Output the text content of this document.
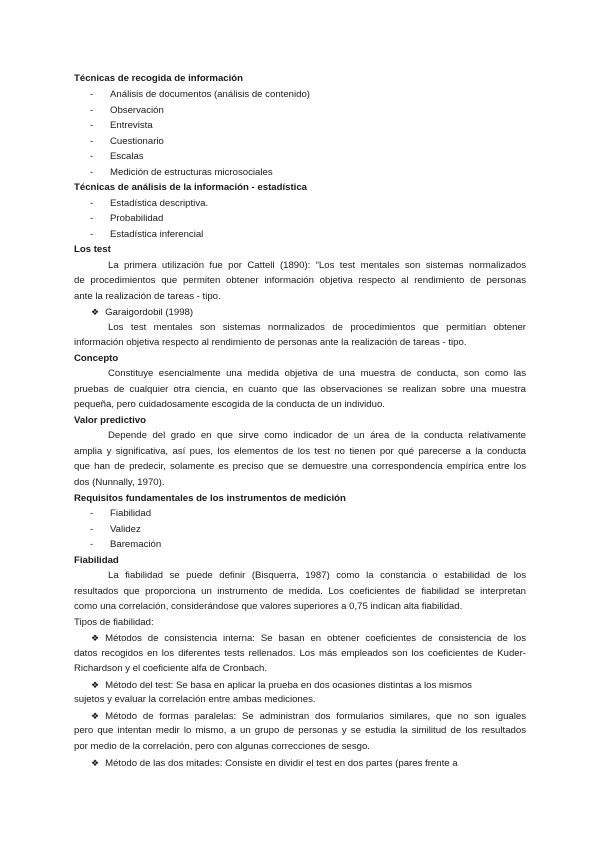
Técnicas de recogida de información
-	Análisis de documentos (análisis de contenido)
-	Observación
-	Entrevista
-	Cuestionario
-	Escalas
-	Medición de estructuras microsociales
Técnicas de análisis de la información - estadística
-	Estadística descriptiva.
-	Probabilidad
-	Estadística inferencial
Los test
La primera utilización fue por Cattell (1890): “Los test mentales son sistemas normalizados
de procedimientos que permiten obtener información objetiva respecto al rendimiento de personas
ante la realización de tareas - tipo.
❖ Garaigordobil (1998)
Los test mentales son sistemas normalizados de procedimientos que permitían obtener
información objetiva respecto al rendimiento de personas ante la realización de tareas - tipo.
Concepto
Constituye esencialmente una medida objetiva de una muestra de conducta, son como las
pruebas de cualquier otra ciencia, en cuanto que las observaciones se realizan sobre una muestra
pequeña, pero cuidadosamente escogida de la conducta de un individuo.
Valor predictivo
Depende del grado en que sirve como indicador de un área de la conducta relativamente
amplia y significativa, así pues, los elementos de los test no tienen por qué parecerse a la conducta
que han de predecir, solamente es preciso que se demuestre una correspondencia empírica entre los
dos (Nunnally, 1970).
Requisitos fundamentales de los instrumentos de medición
-	Fiabilidad
-	Validez
-	Baremación
Fiabilidad
La fiabilidad se puede definir (Bisquerra, 1987) como la constancia o estabilidad de los
resultados que proporciona un instrumento de medida. Los coeficientes de fiabilidad se interpretan
como una correlación, considerándose que valores superiores a 0,75 indican alta fiabilidad.
Tipos de fiabilidad:
❖ Métodos de consistencia interna: Se basan en obtener coeficientes de consistencia de los
datos recogidos en los diferentes tests rellenados. Los más empleados son los coeficientes de Kuder-
Richardson y el coeficiente alfa de Cronbach.
❖ Método del test: Se basa en aplicar la prueba en dos ocasiones distintas a los mismos
sujetos y evaluar la correlación entre ambas mediciones.
❖ Método de formas paralelas: Se administran dos formularios similares, que no son iguales
pero que intentan medir lo mismo, a un grupo de personas y se estudia la similitud de los resultados
por medio de la correlación, pero con algunas correcciones de sesgo.
❖ Método de las dos mitades: Consiste en dividir el test en dos partes (pares frente a
